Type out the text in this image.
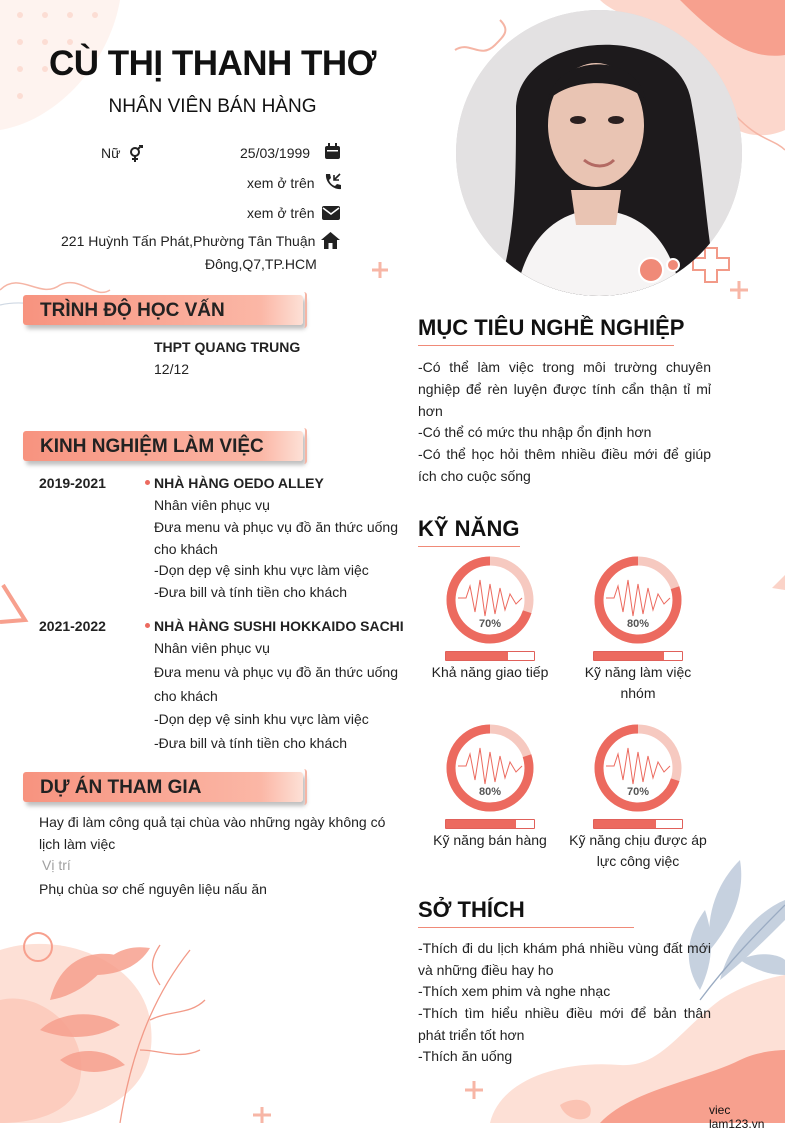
CÙ THỊ THANH THƠ
NHÂN VIÊN BÁN HÀNG
Nữ	25/03/1999
xem ở trên
xem ở trên
221 Huỳnh Tấn Phát,Phường Tân Thuận
Đông,Q7,TP.HCM
TRÌNH ĐỘ HỌC VẤN
THPT QUANG TRUNG
12/12
KINH NGHIỆM LÀM VIỆC
2019-2021	NHÀ HÀNG OEDO ALLEY
Nhân viên phục vụ
Đưa menu và phục vụ đồ ăn thức uống cho khách
-Dọn dẹp vệ sinh khu vực làm việc
-Đưa bill và tính tiền cho khách
2021-2022	NHÀ HÀNG SUSHI HOKKAIDO SACHI
Nhân viên phục vụ
Đưa menu và phục vụ đồ ăn thức uống cho khách
-Dọn dẹp vệ sinh khu vực làm việc
-Đưa bill và tính tiền cho khách
DỰ ÁN THAM GIA
Hay đi làm công quả tại chùa vào những ngày không có lịch làm việc
Vị trí
Phụ chùa sơ chế nguyên liệu nấu ăn
MỤC TIÊU NGHỀ NGHIỆP
-Có thể làm việc trong môi trường chuyên nghiệp để rèn luyện được tính cẩn thận tỉ mỉ hơn
-Có thể có mức thu nhập ổn định hơn
-Có thể học hỏi thêm nhiều điều mới để giúp ích cho cuộc sống
KỸ NĂNG
70%
Khả năng giao tiếp
80%
Kỹ năng làm việc nhóm
80%
Kỹ năng bán hàng
70%
Kỹ năng chịu được áp lực công việc
SỞ THÍCH
-Thích đi du lịch khám phá nhiều vùng đất mới và những điều hay ho
-Thích xem phim và nghe nhạc
-Thích tìm hiểu nhiều điều mới để bản thân phát triển tốt hơn
-Thích ăn uống
viec​lam123.vn
